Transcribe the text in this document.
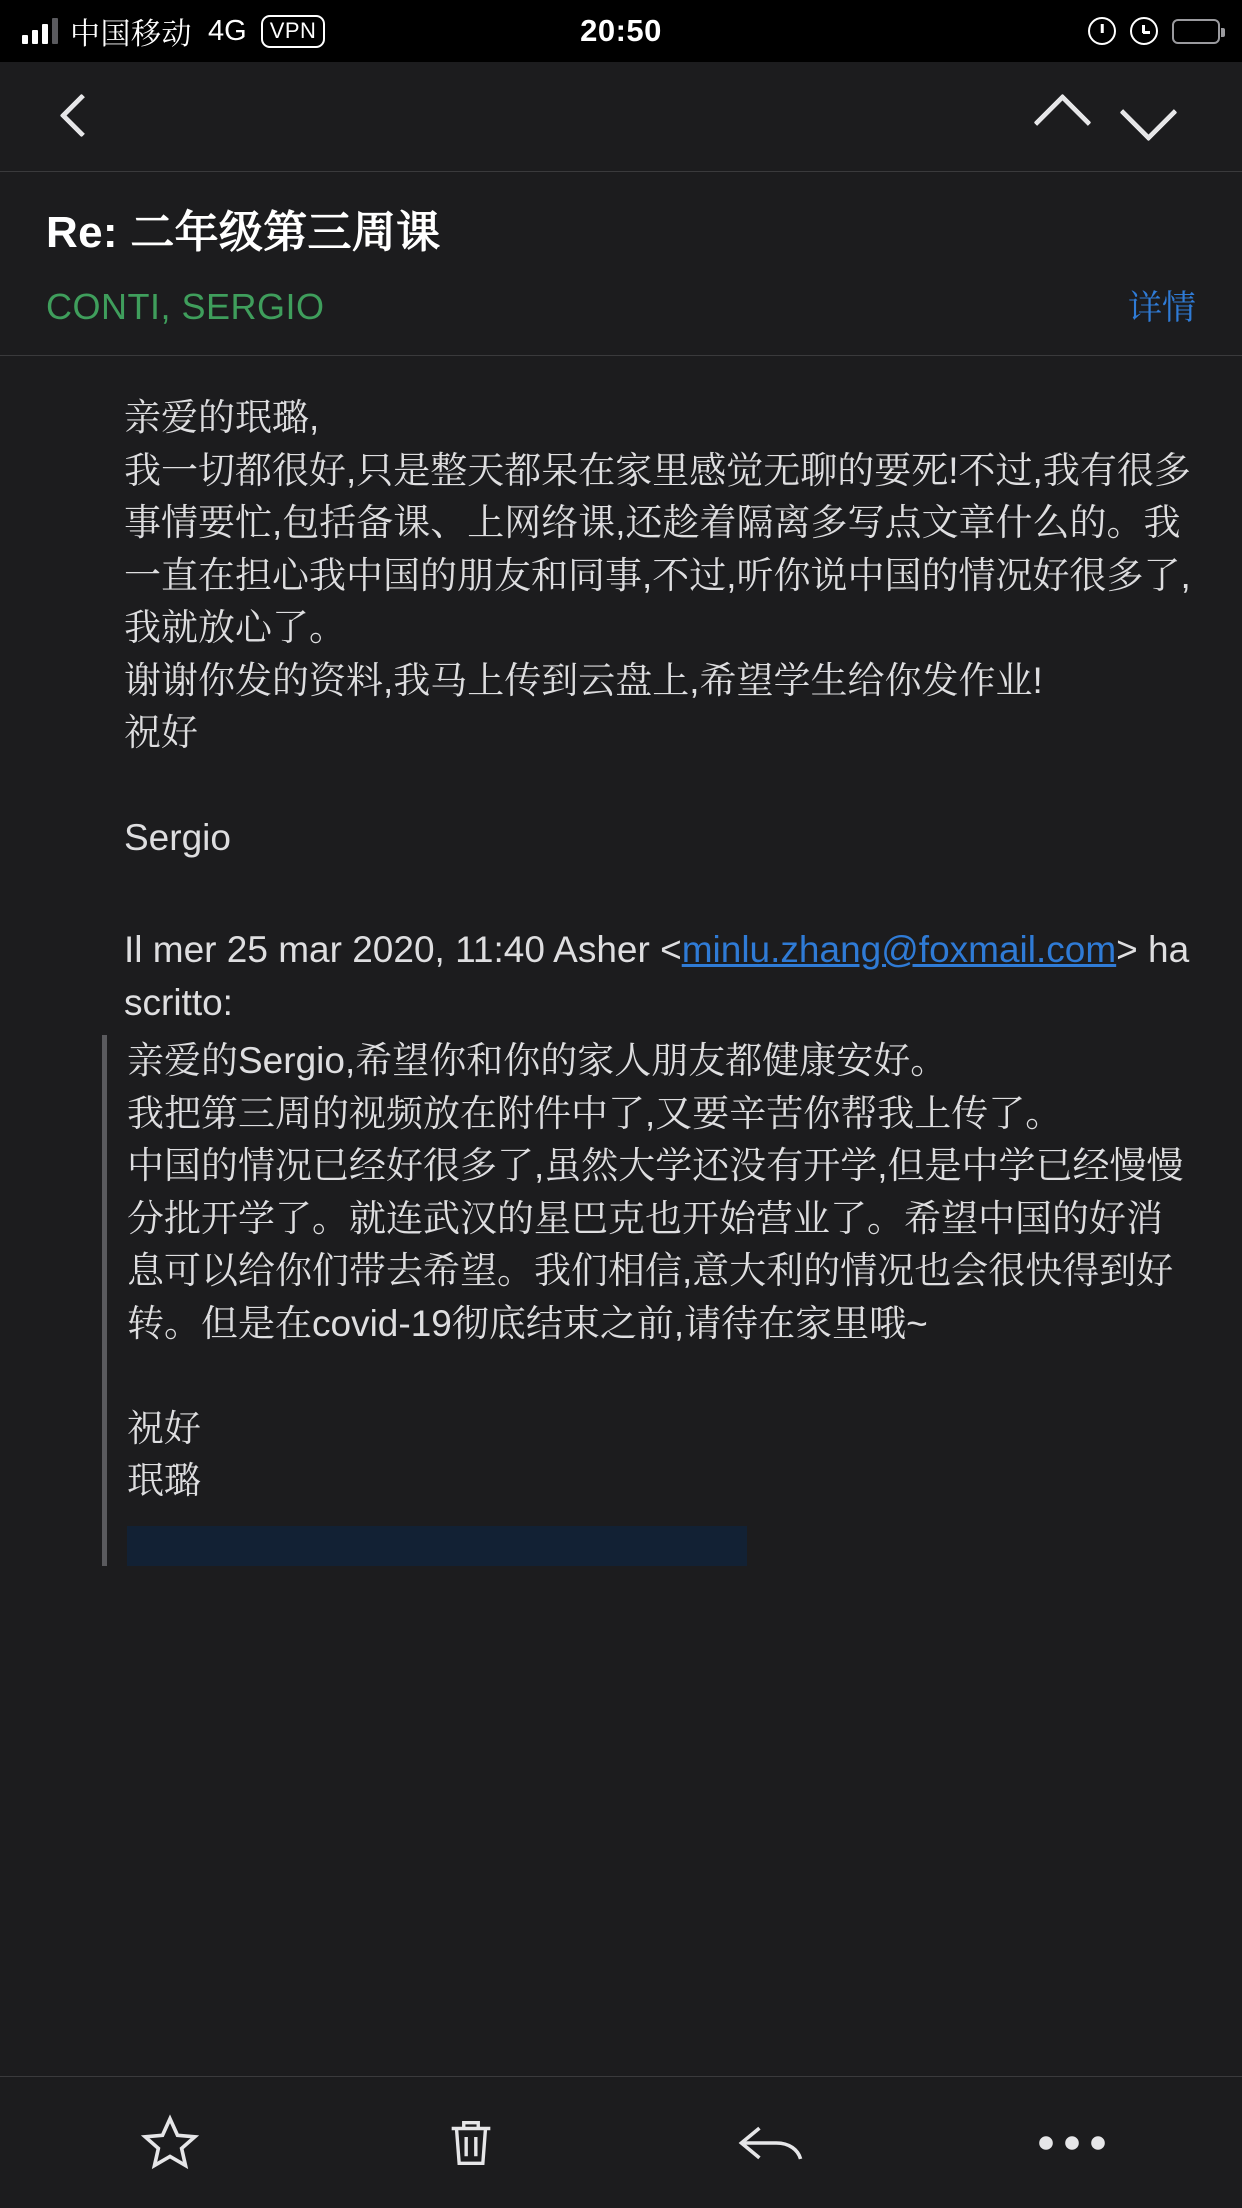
中国移动 4G	VPN	20:50
Re: 二年级第三周课
CONTI, SERGIO	详情

亲爱的珉璐,

我一切都很好,只是整天都呆在家里感觉无聊的要死!不过,我有很多事情要忙,包括备课、上网络课,还趁着隔离多写点文章什么的。我一直在担心我中国的朋友和同事,不过,听你说中国的情况好很多了,我就放心了。

谢谢你发的资料,我马上传到云盘上,希望学生给你发作业!

祝好

Sergio

Il mer 25 mar 2020, 11:40 Asher <minlu.zhang@foxmail.com> ha scritto:

亲爱的Sergio,希望你和你的家人朋友都健康安好。

我把第三周的视频放在附件中了,又要辛苦你帮我上传了。

中国的情况已经好很多了,虽然大学还没有开学,但是中学已经慢慢分批开学了。就连武汉的星巴克也开始营业了。希望中国的好消息可以给你们带去希望。我们相信,意大利的情况也会很快得到好转。但是在covid-19彻底结束之前,请待在家里哦~

祝好

珉璐
